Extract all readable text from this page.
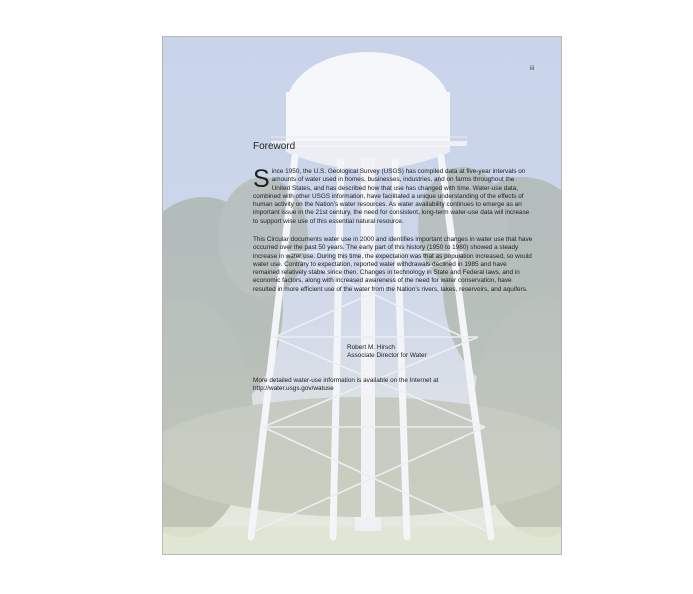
iii
Foreword

Since 1950, the U.S. Geological Survey (USGS) has compiled data at five-year intervals on amounts of water used in homes, businesses, industries, and on farms throughout the United States, and has described how that use has changed with time. Water-use data, combined with other USGS information, have facilitated a unique understanding of the effects of human activity on the Nation’s water resources. As water availability continues to emerge as an important issue in the 21st century, the need for consistent, long-term water-use data will increase to support wise use of this essential natural resource.

This Circular documents water use in 2000 and identifies important changes in water use that have occurred over the past 50 years. The early part of this history (1950 to 1980) showed a steady increase in water use. During this time, the expectation was that as population increased, so would water use. Contrary to expectation, reported water withdrawals declined in 1985 and have remained relatively stable since then. Changes in technology in State and Federal laws, and in economic factors, along with increased awareness of the need for water conservation, have resulted in more efficient use of the water from the Nation’s rivers, lakes, reservoirs, and aquifers.

Robert M. Hirsch
Associate Director for Water
More detailed water-use information is available on the Internet at
http://water.usgs.gov/watuse
